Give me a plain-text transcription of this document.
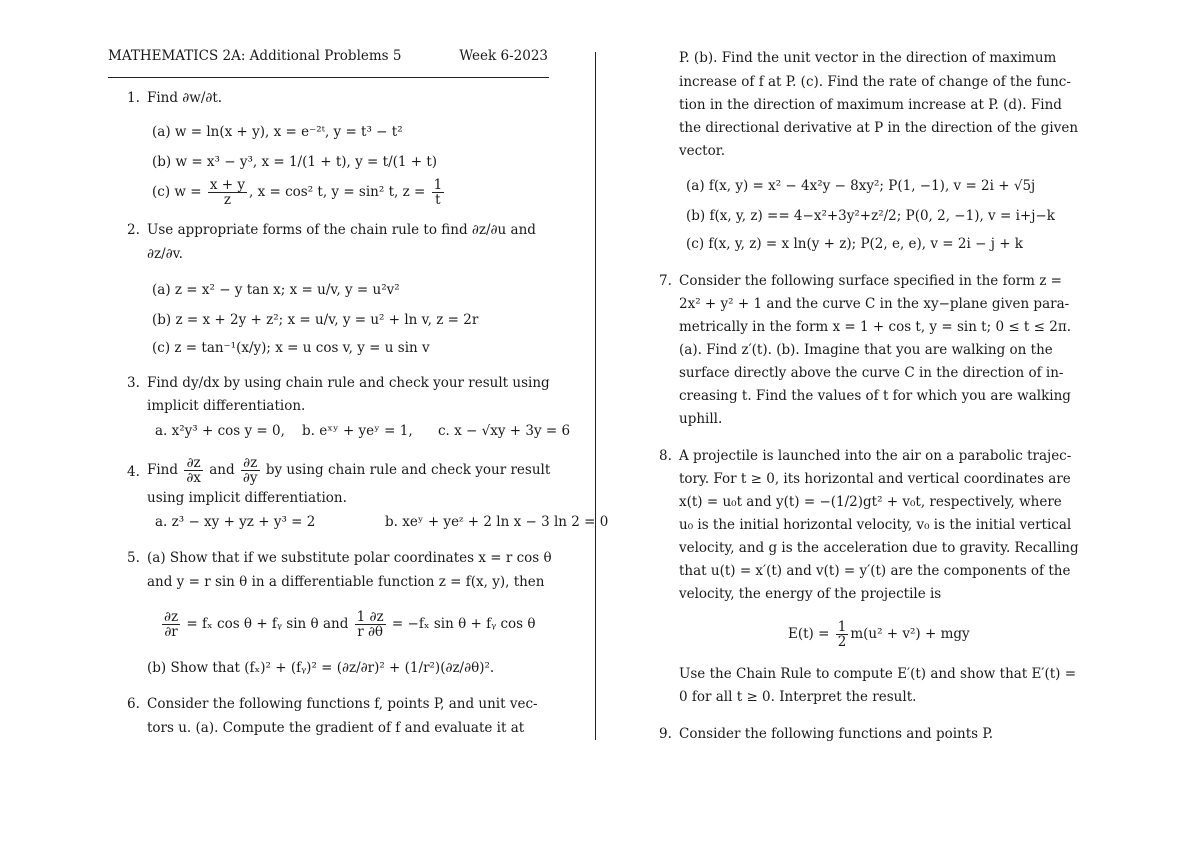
MATHEMATICS 2A: Additional Problems 5	Week 6-2023
1. Find ∂w/∂t.
(a) w = ln(x + y), x = e⁻²ᵗ, y = t³ − t²
(b) w = x³ − y³, x = 1/(1 + t), y = t/(1 + t)
(c) $w = \frac{x + y}{z}$ , x = cos² t, y = sin² t, $z = \frac{1}{t}$
2. Use appropriate forms of the chain rule to find ∂z/∂u and
∂z/∂v.
(a) z = x² − y tan x; x = u/v, y = u²v²
(b) z = x + 2y + z²; x = u/v, y = u² + ln v, z = 2r
(c) z = tan⁻¹(x/y); x = u cos v, y = u sin v
3. Find dy/dx by using chain rule and check your result using
implicit differentiation.
a. x²y³ + cos y = 0, b. eˣʸ + yeʸ = 1, c. x − √xy + 3y = 6
4. Find $\frac{\partial z}{\partial x}$ and $\frac{\partial z}{\partial y}$ by using chain rule and check your result
using implicit differentiation.
a. z³ − xy + yz + y³ = 2	b. xeʸ + yeᶻ + 2 ln x − 3 ln 2 = 0
5. (a) Show that if we substitute polar coordinates x = r cos θ
and y = r sin θ in a differentiable function z = f(x, y), then
$\frac{\partial z}{\partial r} = f_x$ cos θ + fᵧ sin θ and $\frac{1 \partial z}{r \partial\theta} = -f_x$ sin θ + fᵧ cos θ
(b) Show that (fₓ)² + (fᵧ)² = (∂z/∂r)² + (1/r²)(∂z/∂θ)².
6. Consider the following functions f, points P, and unit vec-
tors u. (a). Compute the gradient of f and evaluate it at
P. (b). Find the unit vector in the direction of maximum
increase of f at P. (c). Find the rate of change of the func-
tion in the direction of maximum increase at P. (d). Find
the directional derivative at P in the direction of the given
vector.
(a) f(x, y) = x² − 4x²y − 8xy²; P(1, −1), v = 2i + √5j
(b) f(x, y, z) == 4−x²+3y²+z²/2; P(0, 2, −1), v = i+j−k
(c) f(x, y, z) = x ln(y + z); P(2, e, e), v = 2i − j + k
7. Consider the following surface specified in the form z =
2x² + y² + 1 and the curve C in the xy−plane given para-
metrically in the form x = 1 + cos t, y = sin t; 0 ≤ t ≤ 2π.
(a). Find z′(t). (b). Imagine that you are walking on the
surface directly above the curve C in the direction of in-
creasing t. Find the values of t for which you are walking
uphill.
8. A projectile is launched into the air on a parabolic trajec-
tory. For t ≥ 0, its horizontal and vertical coordinates are
x(t) = u₀t and y(t) = −(1/2)gt² + v₀t, respectively, where
u₀ is the initial horizontal velocity, v₀ is the initial vertical
velocity, and g is the acceleration due to gravity. Recalling
that u(t) = x′(t) and v(t) = y′(t) are the components of the
velocity, the energy of the projectile is
$E(t) = \frac{1}{2} m(u^2 + v^2)$ + mgy
Use the Chain Rule to compute E′(t) and show that E′(t) =
0 for all t ≥ 0. Interpret the result.
9. Consider the following functions and points P.
